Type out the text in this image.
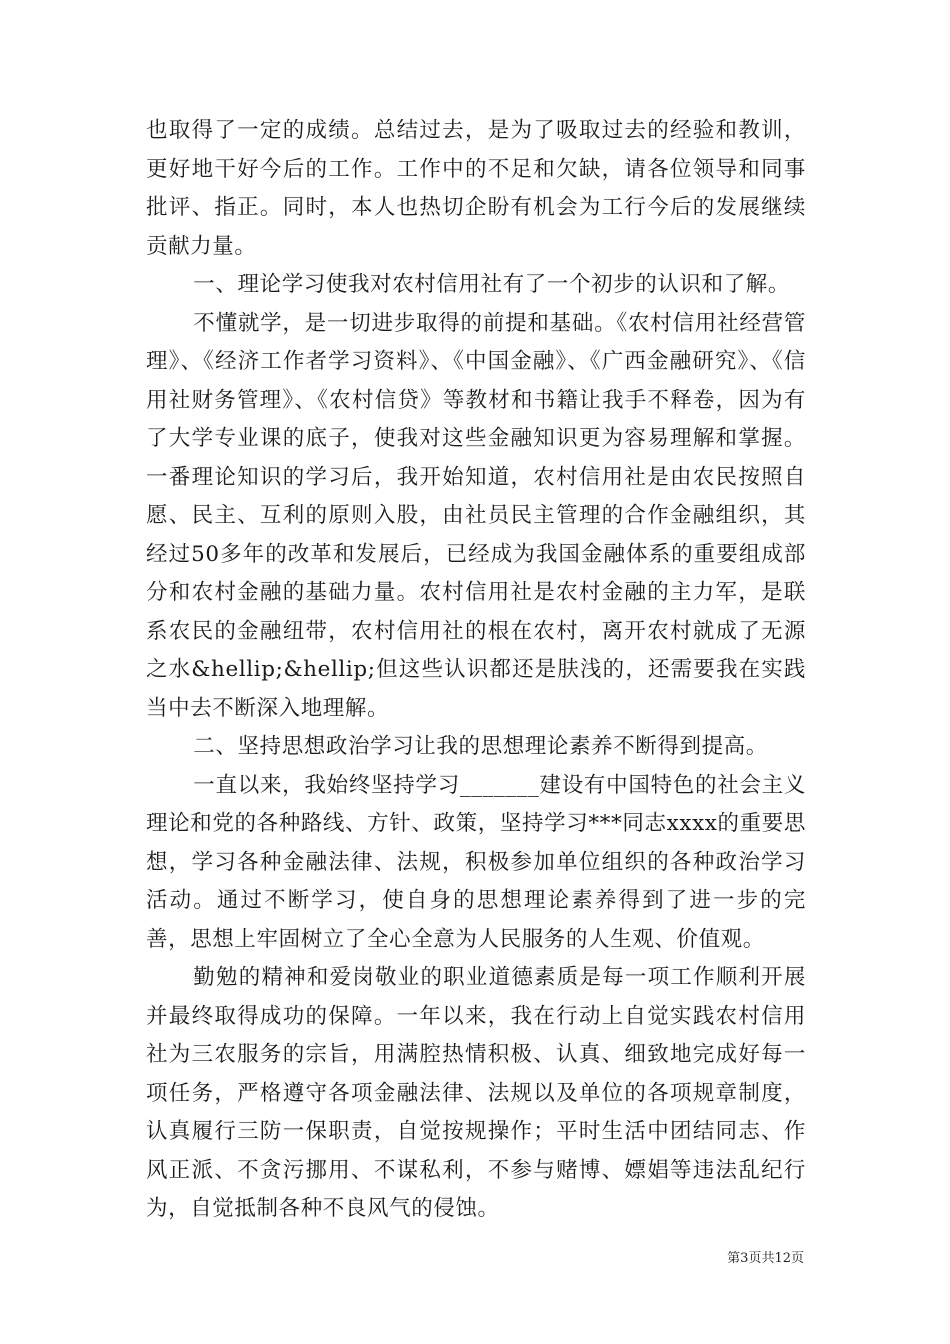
也取得了一定的成绩。总结过去，是为了吸取过去的经验和教训，更好地干好今后的工作。工作中的不足和欠缺，请各位领导和同事批评、指正。同时，本人也热切企盼有机会为工行今后的发展继续贡献力量。

一、理论学习使我对农村信用社有了一个初步的认识和了解。

不懂就学，是一切进步取得的前提和基础。《农村信用社经营管理》、《经济工作者学习资料》、《中国金融》、《广西金融研究》、《信用社财务管理》、《农村信贷》等教材和书籍让我手不释卷，因为有了大学专业课的底子，使我对这些金融知识更为容易理解和掌握。一番理论知识的学习后，我开始知道，农村信用社是由农民按照自愿、民主、互利的原则入股，由社员民主管理的合作金融组织，其经过50多年的改革和发展后，已经成为我国金融体系的重要组成部分和农村金融的基础力量。农村信用社是农村金融的主力军，是联系农民的金融纽带，农村信用社的根在农村，离开农村就成了无源之水&hellip;&hellip;但这些认识都还是肤浅的，还需要我在实践当中去不断深入地理解。

二、坚持思想政治学习让我的思想理论素养不断得到提高。

一直以来，我始终坚持学习_______建设有中国特色的社会主义理论和党的各种路线、方针、政策，坚持学习***同志xxxx的重要思想，学习各种金融法律、法规，积极参加单位组织的各种政治学习活动。通过不断学习，使自身的思想理论素养得到了进一步的完善，思想上牢固树立了全心全意为人民服务的人生观、价值观。

勤勉的精神和爱岗敬业的职业道德素质是每一项工作顺利开展并最终取得成功的保障。一年以来，我在行动上自觉实践农村信用社为三农服务的宗旨，用满腔热情积极、认真、细致地完成好每一项任务，严格遵守各项金融法律、法规以及单位的各项规章制度，认真履行三防一保职责，自觉按规操作；平时生活中团结同志、作风正派、不贪污挪用、不谋私利，不参与赌博、嫖娼等违法乱纪行为，自觉抵制各种不良风气的侵蚀。

第3页共12页
